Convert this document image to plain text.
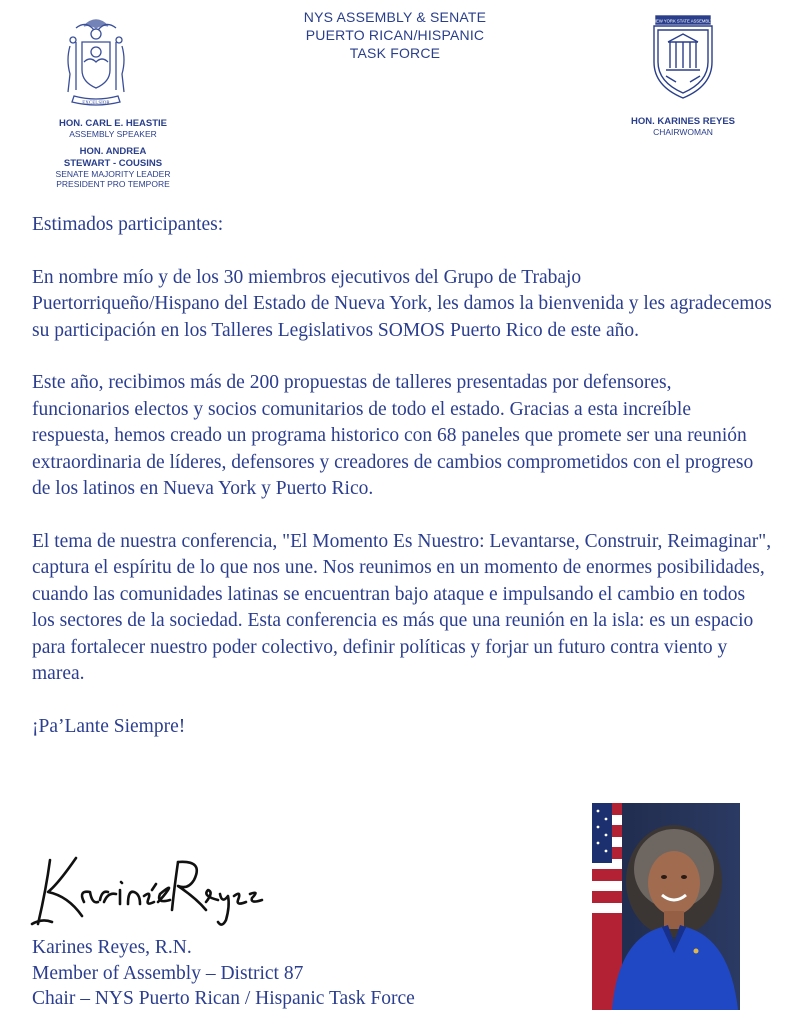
NYS ASSEMBLY & SENATE
PUERTO RICAN/HISPANIC
TASK FORCE
EXCELSIOR
NEW YORK STATE ASSEMBLY
HON. CARL E. HEASTIE
ASSEMBLY SPEAKER
HON. ANDREA
STEWART - COUSINS
SENATE MAJORITY LEADER
PRESIDENT PRO TEMPORE
HON. KARINES REYES
CHAIRWOMAN

Estimados participantes:

En nombre mío y de los 30 miembros ejecutivos del Grupo de Trabajo Puertorriqueño/Hispano del Estado de Nueva York, les damos la bienvenida y les agradecemos su participación en los Talleres Legislativos SOMOS Puerto Rico de este año.

Este año, recibimos más de 200 propuestas de talleres presentadas por defensores, funcionarios electos y socios comunitarios de todo el estado. Gracias a esta increíble respuesta, hemos creado un programa historico con 68 paneles que promete ser una reunión extraordinaria de líderes, defensores y creadores de cambios comprometidos con el progreso de los latinos en Nueva York y Puerto Rico.

El tema de nuestra conferencia, "El Momento Es Nuestro: Levantarse, Construir, Reimaginar", captura el espíritu de lo que nos une. Nos reunimos en un momento de enormes posibilidades, cuando las comunidades latinas se encuentran bajo ataque e impulsando el cambio en todos los sectores de la sociedad. Esta conferencia es más que una reunión en la isla: es un espacio para fortalecer nuestro poder colectivo, definir políticas y forjar un futuro contra viento y marea.

¡Pa’Lante Siempre!

Karines Reyes, R.N.
Member of Assembly – District 87
Chair – NYS Puerto Rican / Hispanic Task Force
